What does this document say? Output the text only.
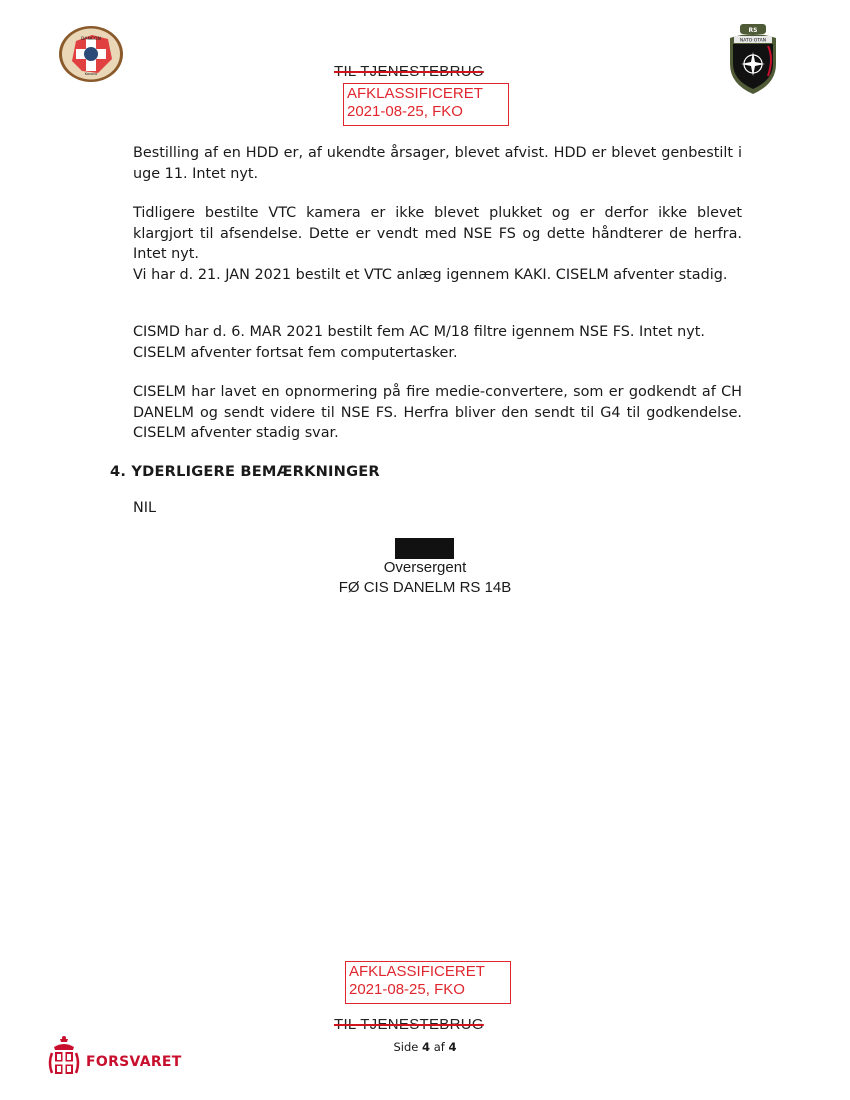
DANCON
Kosovo
RS
NATO·OTAN
TIL TJENESTEBRUG
AFKLASSIFICERET
2021-08-25, FKO
Bestilling af en HDD er, af ukendte årsager, blevet afvist. HDD er blevet genbestilt i uge 11. Intet nyt.
Tidligere bestilte VTC kamera er ikke blevet plukket og er derfor ikke blevet klargjort til afsendelse. Dette er vendt med NSE FS og dette håndterer de herfra. Intet nyt.
Vi har d. 21. JAN 2021 bestilt et VTC anlæg igennem KAKI. CISELM afventer stadig.
CISMD har d. 6. MAR 2021 bestilt fem AC M/18 filtre igennem NSE FS. Intet nyt.
CISELM afventer fortsat fem computertasker.
CISELM har lavet en opnormering på fire medie-convertere, som er godkendt af CH DANELM og sendt videre til NSE FS. Herfra bliver den sendt til G4 til godkendelse. CISELM afventer stadig svar.
4. YDERLIGERE BEMÆRKNINGER
NIL
Oversergent
FØ CIS DANELM RS 14B
AFKLASSIFICERET
2021-08-25, FKO
TIL TJENESTEBRUG
Side 4 af 4
FORSVARET
